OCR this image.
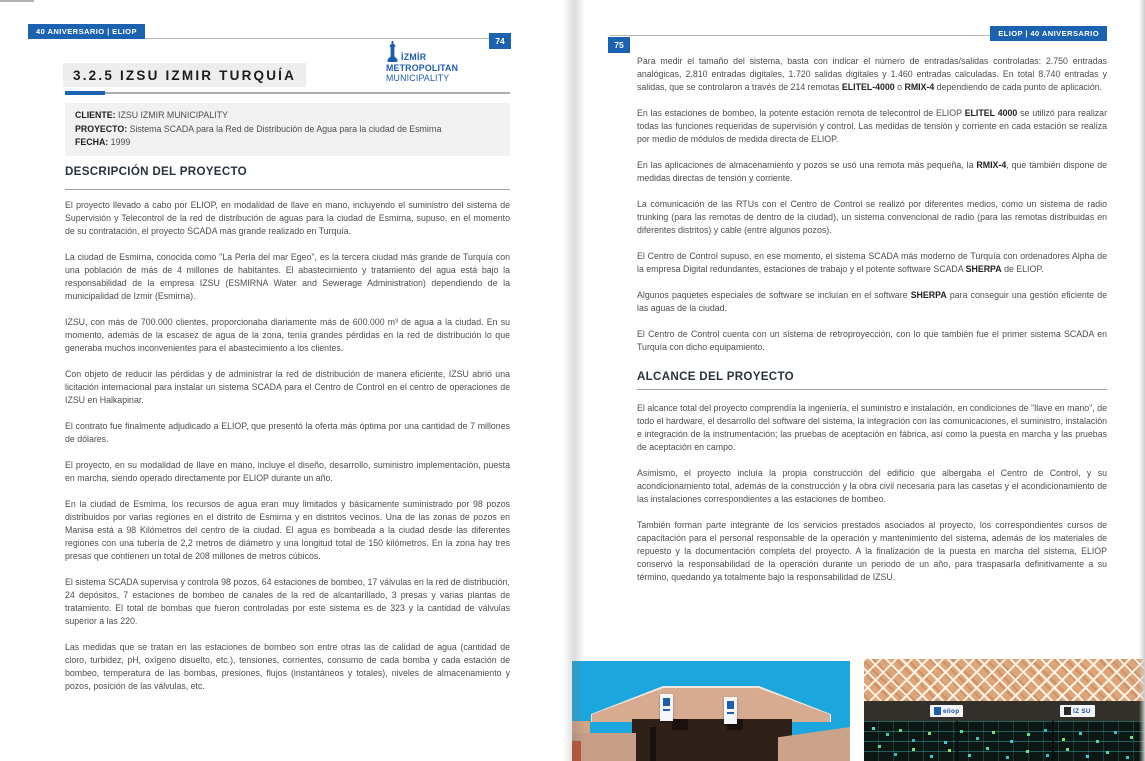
40 ANIVERSARIO | ELIOP
74
İZMİR
METROPOLITAN
MUNICIPALITY
3.2.5 IZSU IZMIR TURQUÍA
CLIENTE: IZSU IZMIR MUNICIPALITY
PROYECTO: Sistema SCADA para la Red de Distribución de Agua para la ciudad de Esmirna
FECHA: 1999
DESCRIPCIÓN DEL PROYECTO

El proyecto llevado a cabo por ELIOP, en modalidad de llave en mano, incluyendo el suministro del sistema de Supervisión y Telecontrol de la red de distribución de aguas para la ciudad de Esmirna, supuso, en el momento de su contratación, el proyecto SCADA más grande realizado en Turquía.

La ciudad de Esmirna, conocida como "La Perla del mar Egeo", es la tercera ciudad más grande de Turquía con una población de más de 4 millones de habitantes. El abastecimiento y tratamiento del agua está bajo la responsabilidad de la empresa IZSU (ESMIRNA Water and Sewerage Administration) dependiendo de la municipalidad de Izmir (Esmirna).

IZSU, con más de 700.000 clientes, proporcionaba diariamente más de 600.000 m³ de agua a la ciudad. En su momento, además de la escasez de agua de la zona, tenía grandes pérdidas en la red de distribución lo que generaba muchos inconvenientes para el abastecimiento a los clientes.

Con objeto de reducir las pérdidas y de administrar la red de distribución de manera eficiente, IZSU abrió una licitación internacional para instalar un sistema SCADA para el Centro de Control en el centro de operaciones de IZSU en Halkapinar.

El contrato fue finalmente adjudicado a ELIOP, que presentó la oferta más óptima por una cantidad de 7 millones de dólares.

El proyecto, en su modalidad de llave en mano, incluye el diseño, desarrollo, suministro implementación, puesta en marcha, siendo operado directamente por ELIOP durante un año.

En la ciudad de Esmirna, los recursos de agua eran muy limitados y básicamente suministrado por 98 pozos distribuidos por varias regiones en el distrito de Esmirna y en distritos vecinos. Una de las zonas de pozos en Manisa está a 98 Kilómetros del centro de la ciudad. El agua es bombeada a la ciudad desde las diferentes regiones con una tubería de 2,2 metros de diámetro y una longitud total de 150 kilómetros. En la zona hay tres presas que contienen un total de 208 millones de metros cúbicos.

El sistema SCADA supervisa y controla 98 pozos, 64 estaciones de bombeo, 17 válvulas en la red de distribución, 24 depósitos, 7 estaciones de bombeo de canales de la red de alcantarillado, 3 presas y varias plantas de tratamiento. El total de bombas que fueron controladas por este sistema es de 323 y la cantidad de válvulas superior a las 220.

Las medidas que se tratan en las estaciones de bombeo son entre otras las de calidad de agua (cantidad de cloro, turbidez, pH, oxígeno disuelto, etc.), tensiones, corrientes, consumo de cada bomba y cada estación de bombeo, temperatura de las bombas, presiones, flujos (instantáneos y totales), niveles de almacenamiento y pozos, posición de las válvulas, etc.

ELIOP | 40 ANIVERSARIO
75

Para medir el tamaño del sistema, basta con indicar el número de entradas/salidas controladas: 2.750 entradas analógicas, 2.810 entradas digitales, 1.720 salidas digitales y 1.460 entradas calculadas. En total 8.740 entradas y salidas, que se controlaron a través de 214 remotas ELITEL-4000 o RMIX-4 dependiendo de cada punto de aplicación.

En las estaciones de bombeo, la potente estación remota de telecontrol de ELIOP ELITEL 4000 se utilizó para realizar todas las funciones requeridas de supervisión y control. Las medidas de tensión y corriente en cada estación se realiza por medio de módulos de medida directa de ELIOP.

En las aplicaciones de almacenamiento y pozos se usó una remota más pequeña, la RMIX-4, que también dispone de medidas directas de tensión y corriente.

La comunicación de las RTUs con el Centro de Control se realizó por diferentes medios, como un sistema de radio trunking (para las remotas de dentro de la ciudad), un sistema convencional de radio (para las remotas distribuidas en diferentes distritos) y cable (entre algunos pozos).

El Centro de Control supuso, en ese momento, el sistema SCADA más moderno de Turquía con ordenadores Alpha de la empresa Digital redundantes, estaciones de trabajo y el potente software SCADA SHERPA de ELIOP.

Algunos paquetes especiales de software se incluían en el software SHERPA para conseguir una gestión eficiente de las aguas de la ciudad.

El Centro de Control cuenta con un sistema de retroproyección, con lo que también fue el primer sistema SCADA en Turquía con dicho equipamiento.

ALCANCE DEL PROYECTO

El alcance total del proyecto comprendía la ingeniería, el suministro e instalación, en condiciones de "llave en mano", de todo el hardware, el desarrollo del software del sistema, la integración con las comunicaciones, el suministro, instalación e integración de la instrumentación; las pruebas de aceptación en fábrica, así como la puesta en marcha y las pruebas de aceptación en campo.

Asimismo, el proyecto incluía la propia construcción del edificio que albergaba el Centro de Control, y su acondicionamiento total, además de la construcción y la obra civil necesaria para las casetas y el acondicionamiento de las instalaciones correspondientes a las estaciones de bombeo.

También forman parte integrante de los servicios prestados asociados al proyecto, los correspondientes cursos de capacitación para el personal responsable de la operación y mantenimiento del sistema, además de los materiales de repuesto y la documentación completa del proyecto. A la finalización de la puesta en marcha del sistema, ELIOP conservó la responsabilidad de la operación durante un periodo de un año, para traspasarla definitivamente a su término, quedando ya totalmente bajo la responsabilidad de IZSU.

eliop	IZ SU
